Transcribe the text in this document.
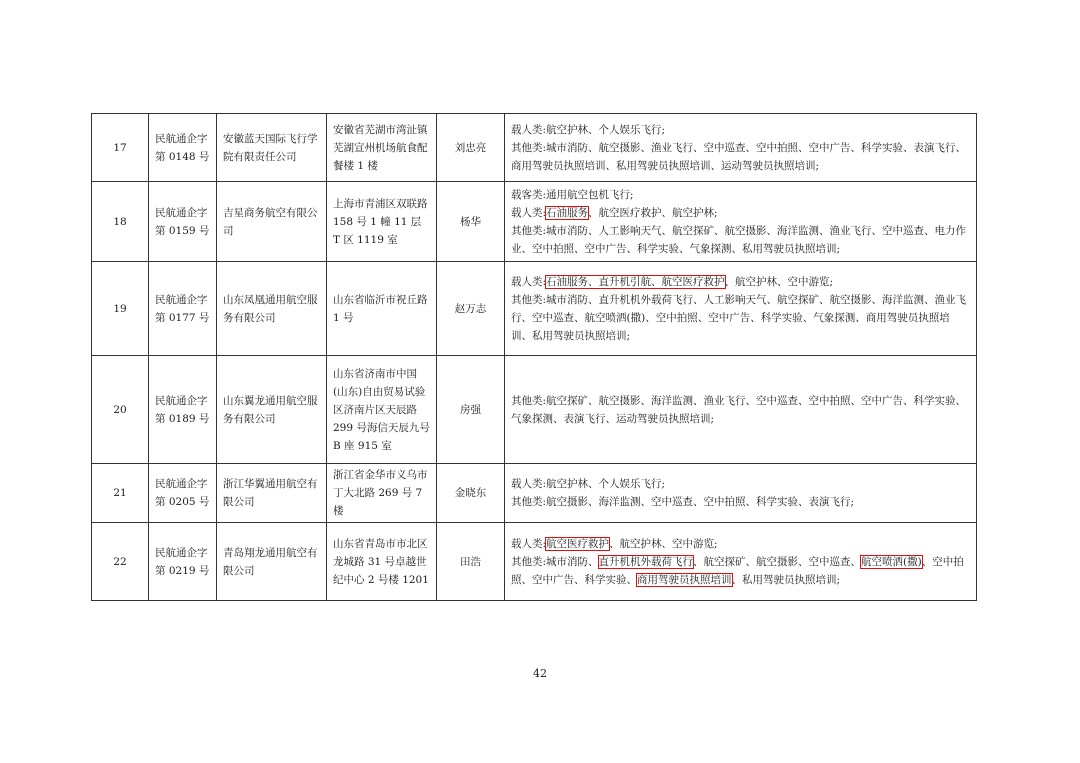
17	民航通企字第 0148 号	安徽蓝天国际飞行学院有限责任公司	安徽省芜湖市湾沚镇芜湖宣州机场航食配餐楼 1 楼	刘忠亮	载人类:航空护林、个人娱乐飞行;
其他类:城市消防、航空摄影、渔业飞行、空中巡查、空中拍照、空中广告、科学实验、表演飞行、商用驾驶员执照培训、私用驾驶员执照培训、运动驾驶员执照培训;

18	民航通企字第 0159 号	吉星商务航空有限公司	上海市青浦区双联路 158 号 1 幢 11 层 T 区 1119 室	杨华	载客类:通用航空包机飞行;
载人类:石油服务、航空医疗救护、航空护林;
其他类:城市消防、人工影响天气、航空探矿、航空摄影、海洋监测、渔业飞行、空中巡查、电力作业、空中拍照、空中广告、科学实验、气象探测、私用驾驶员执照培训;

19	民航通企字第 0177 号	山东凤凰通用航空服务有限公司	山东省临沂市祝丘路 1 号	赵万志	载人类:石油服务、直升机引航、航空医疗救护、航空护林、空中游览;
其他类:城市消防、直升机机外载荷飞行、人工影响天气、航空探矿、航空摄影、海洋监测、渔业飞行、空中巡查、航空喷洒(撒)、空中拍照、空中广告、科学实验、气象探测、商用驾驶员执照培训、私用驾驶员执照培训;

20	民航通企字第 0189 号	山东翼龙通用航空服务有限公司	山东省济南市中国(山东)自由贸易试验区济南片区天辰路 299 号海信天辰九号 B 座 915 室	房强	其他类:航空探矿、航空摄影、海洋监测、渔业飞行、空中巡查、空中拍照、空中广告、科学实验、气象探测、表演飞行、运动驾驶员执照培训;

21	民航通企字第 0205 号	浙江华翼通用航空有限公司	浙江省金华市义乌市丁大北路 269 号 7 楼	金晓东	载人类:航空护林、个人娱乐飞行;
其他类:航空摄影、海洋监测、空中巡查、空中拍照、科学实验、表演飞行;

22	民航通企字第 0219 号	青岛翔龙通用航空有限公司	山东省青岛市市北区龙城路 31 号卓越世纪中心 2 号楼 1201	田浩	载人类:航空医疗救护、航空护林、空中游览;
其他类:城市消防、直升机机外载荷飞行、航空探矿、航空摄影、空中巡查、航空喷洒(撒)、空中拍照、空中广告、科学实验、商用驾驶员执照培训、私用驾驶员执照培训;
42
